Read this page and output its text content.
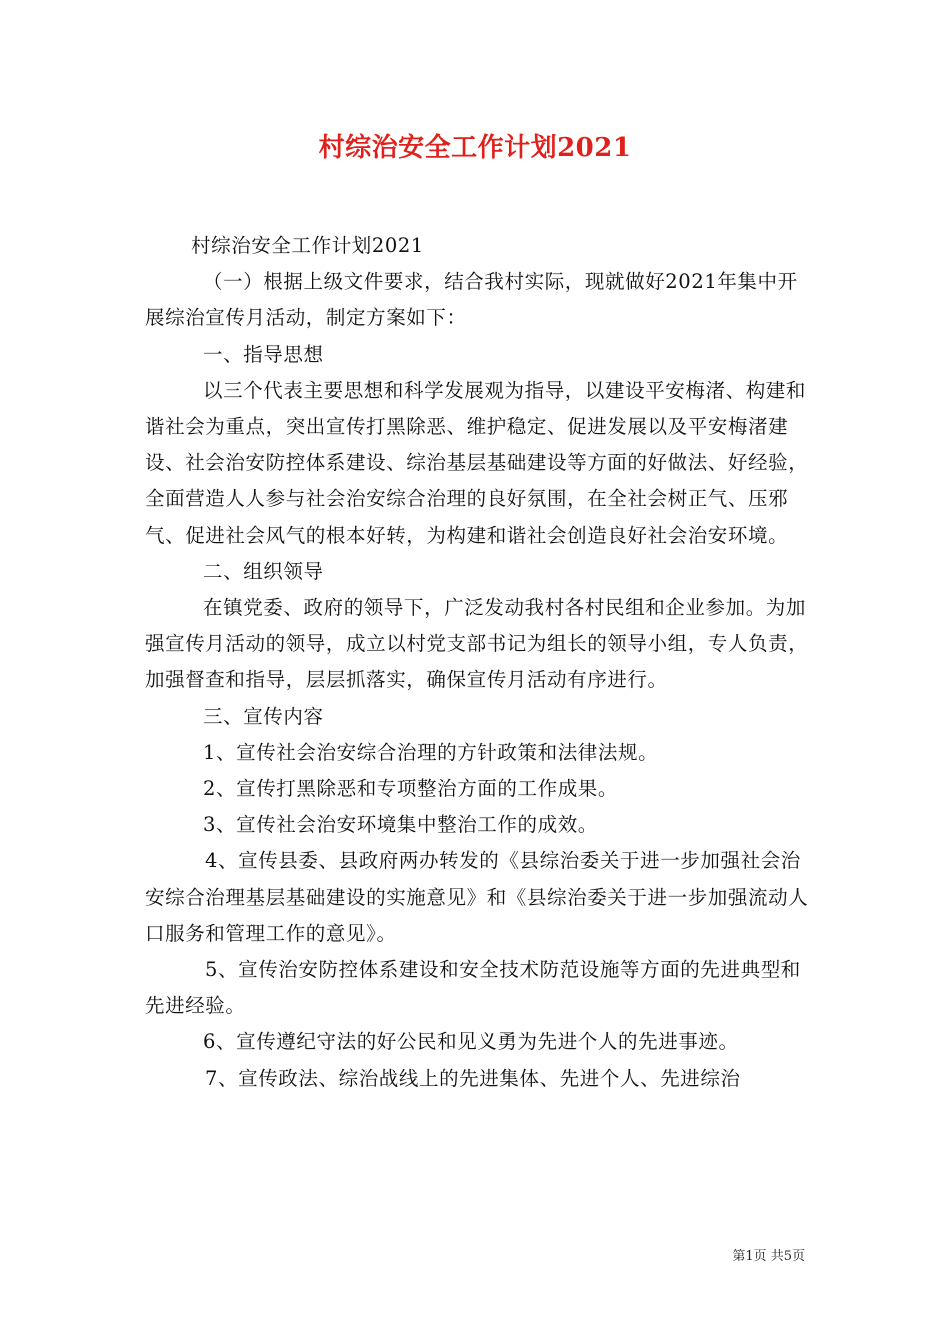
村综治安全工作计划2021

村综治安全工作计划2021

（一）根据上级文件要求，结合我村实际，现就做好2021年集中开展综治宣传月活动，制定方案如下：

一、指导思想

以三个代表主要思想和科学发展观为指导，以建设平安梅渚、构建和谐社会为重点，突出宣传打黑除恶、维护稳定、促进发展以及平安梅渚建设、社会治安防控体系建设、综治基层基础建设等方面的好做法、好经验，全面营造人人参与社会治安综合治理的良好氛围，在全社会树正气、压邪气、促进社会风气的根本好转，为构建和谐社会创造良好社会治安环境。

二、组织领导

在镇党委、政府的领导下，广泛发动我村各村民组和企业参加。为加强宣传月活动的领导，成立以村党支部书记为组长的领导小组，专人负责，加强督查和指导，层层抓落实，确保宣传月活动有序进行。

三、宣传内容

1、宣传社会治安综合治理的方针政策和法律法规。

2、宣传打黑除恶和专项整治方面的工作成果。

3、宣传社会治安环境集中整治工作的成效。

4、宣传县委、县政府两办转发的《县综治委关于进一步加强社会治安综合治理基层基础建设的实施意见》和《县综治委关于进一步加强流动人口服务和管理工作的意见》。

5、宣传治安防控体系建设和安全技术防范设施等方面的先进典型和先进经验。

6、宣传遵纪守法的好公民和见义勇为先进个人的先进事迹。

7、宣传政法、综治战线上的先进集体、先进个人、先进综治

第1页 共5页
